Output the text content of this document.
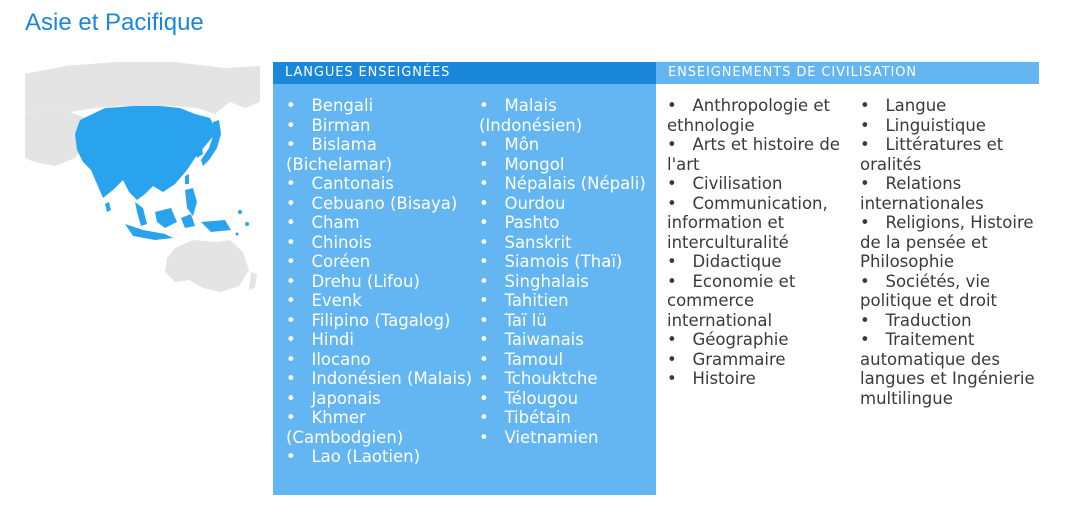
Asie et Pacifique
LANGUES ENSEIGNÉES
•   Bengali
•   Birman
•   Bislama (Bichelamar)
•   Cantonais
•   Cebuano (Bisaya)
•   Cham
•   Chinois
•   Coréen
•   Drehu (Lifou)
•   Evenk
•   Filipino (Tagalog)
•   Hindi
•   Ilocano
•   Indonésien (Malais)
•   Japonais
•   Khmer (Cambodgien)
•   Lao (Laotien)
•   Malais (Indonésien)
•   Môn
•   Mongol
•   Népalais (Népali)
•   Ourdou
•   Pashto
•   Sanskrit
•   Siamois (Thaï)
•   Singhalais
•   Tahitien
•   Taï lü
•   Taiwanais
•   Tamoul
•   Tchouktche
•   Télougou
•   Tibétain
•   Vietnamien
ENSEIGNEMENTS DE CIVILISATION
•   Anthropologie et ethnologie
•   Arts et histoire de l'art
•   Civilisation
•   Communication, information et interculturalité
•   Didactique
•   Economie et commerce international
•   Géographie
•   Grammaire
•   Histoire
•   Langue
•   Linguistique
•   Littératures et oralités
•   Relations internationales
•   Religions, Histoire de la pensée et Philosophie
•   Sociétés, vie politique et droit
•   Traduction
•   Traitement automatique des langues et Ingénierie multilingue
